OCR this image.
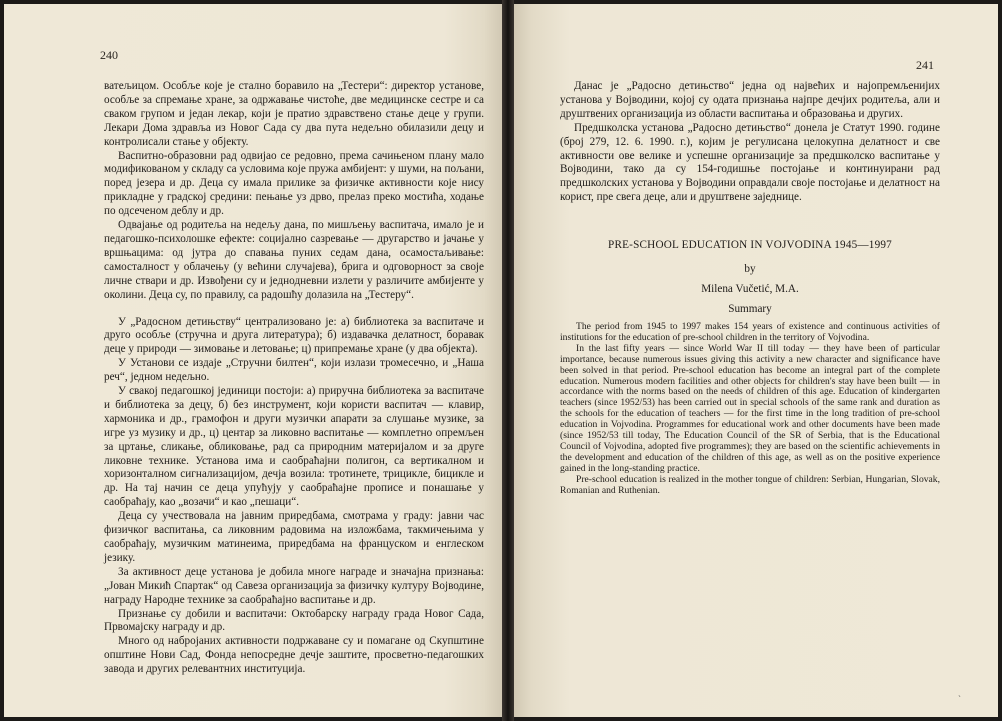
240
241

ватељицом. Особље које је стално боравило на „Тестери“: директор установе, особље за спремање хране, за одржавање чистоће, две медицинске сестре и са сваком групом и један лекар, који је пратио здравствено стање деце у групи. Лекари Дома здравља из Новог Сада су два пута недељно обилазили децу и контролисали стање у објекту.

Васпитно-образовни рад одвијао се редовно, према сачињеном плану мало модификованом у складу са условима које пружа амбијент: у шуми, на пољани, поред језера и др. Деца су имала прилике за физичке активности које нису прикладне у градској средини: пењање уз дрво, прелаз преко мостића, ходање по одсеченом деблу и др.

Одвајање од родитеља на недељу дана, по мишљењу васпитача, имало је и педагошко-психолошке ефекте: социјално сазревање — другарство и јачање у вршњацима: од јутра до спавања пуних седам дана, осамостаљивање: самосталност у облачењу (у већини случајева), брига и одговорност за своје личне ствари и др. Извођени су и једнодневни излети у различите амбијенте у околини. Деца су, по правилу, са радошћу долазила на „Тестеру“.

У „Радосном детињству“ централизовано је: а) библиотека за васпитаче и друго особље (стручна и друга литература); б) издавачка делатност, боравак деце у природи — зимовање и летовање; ц) припремање хране (у два објекта).

У Установи се издаје „Стручни билтен“, који излази тромесечно, и „Наша реч“, једном недељно.

У свакој педагошкој јединици постоји: а) приручна библиотека за васпитаче и библиотека за децу, б) без инструмент, који користи васпитач — клавир, хармоника и др., грамофон и други музички апарати за слушање музике, за игре уз музику и др., ц) центар за ликовно васпитање — комплетно опремљен за цртање, сликање, обликовање, рад са природним материјалом и за друге ликовне технике. Установа има и саобраћајни полигон, са вертикалном и хоризонталном сигнализацијом, дечја возила: тротинете, трицикле, бицикле и др. На тај начин се деца упућују у саобраћајне прописе и понашање у саобраћају, као „возачи“ и као „пешаци“.

Деца су учествовала на јавним приредбама, смотрама у граду: јавни час физичког васпитања, са ликовним радовима на изложбама, такмичењима у саобраћају, музичким матинеима, приредбама на француском и енглеском језику.

За активност деце установа је добила многе награде и значајна признања: „Јован Микић Спартак“ од Савеза организација за физичку културу Војводине, награду Народне технике за саобраћајно васпитање и др.

Признање су добили и васпитачи: Октобарску награду града Новог Сада, Првомајску награду и др.

Много од набројаних активности подржаване су и помагане од Скупштине општине Нови Сад, Фонда непосредне дечје заштите, просветно-педагошких завода и других релевантних институција.

Данас је „Радосно детињство“ једна од највећих и најопремљенијих установа у Војводини, којој су одата признања најпре дечјих родитеља, али и друштвених организација из области васпитања и образовања и других.

Предшколска установа „Радосно детињство“ донела је Статут 1990. године (број 279, 12. 6. 1990. г.), којим је регулисана целокупна делатност и све активности ове велике и успешне организације за предшколско васпитање у Војводини, тако да су 154-годишње постојање и континуирани рад предшколских установа у Војводини оправдали своје постојање и делатност на корист, пре свега деце, али и друштвене заједнице.

PRE-SCHOOL EDUCATION IN VOJVODINA 1945—1997
by
Milena Vučetić, M.A.
Summary

The period from 1945 to 1997 makes 154 years of existence and continuous activities of institutions for the education of pre-school children in the territory of Vojvodina.

In the last fifty years — since World War II till today — they have been of particular importance, because numerous issues giving this activity a new character and significance have been solved in that period. Pre-school education has become an integral part of the complete education. Numerous modern facilities and other objects for children's stay have been built — in accordance with the norms based on the needs of children of this age. Education of kindergarten teachers (since 1952/53) has been carried out in special schools of the same rank and duration as the schools for the education of teachers — for the first time in the long tradition of pre-school education in Vojvodina. Programmes for educational work and other documents have been made (since 1952/53 till today, The Education Council of the SR of Serbia, that is the Educational Council of Vojvodina, adopted five programmes); they are based on the scientific achievements in the development and education of the children of this age, as well as on the positive experience gained in the long-standing practice.

Pre-school education is realized in the mother tongue of children: Serbian, Hungarian, Slovak, Romanian and Ruthenian.

ˋ
